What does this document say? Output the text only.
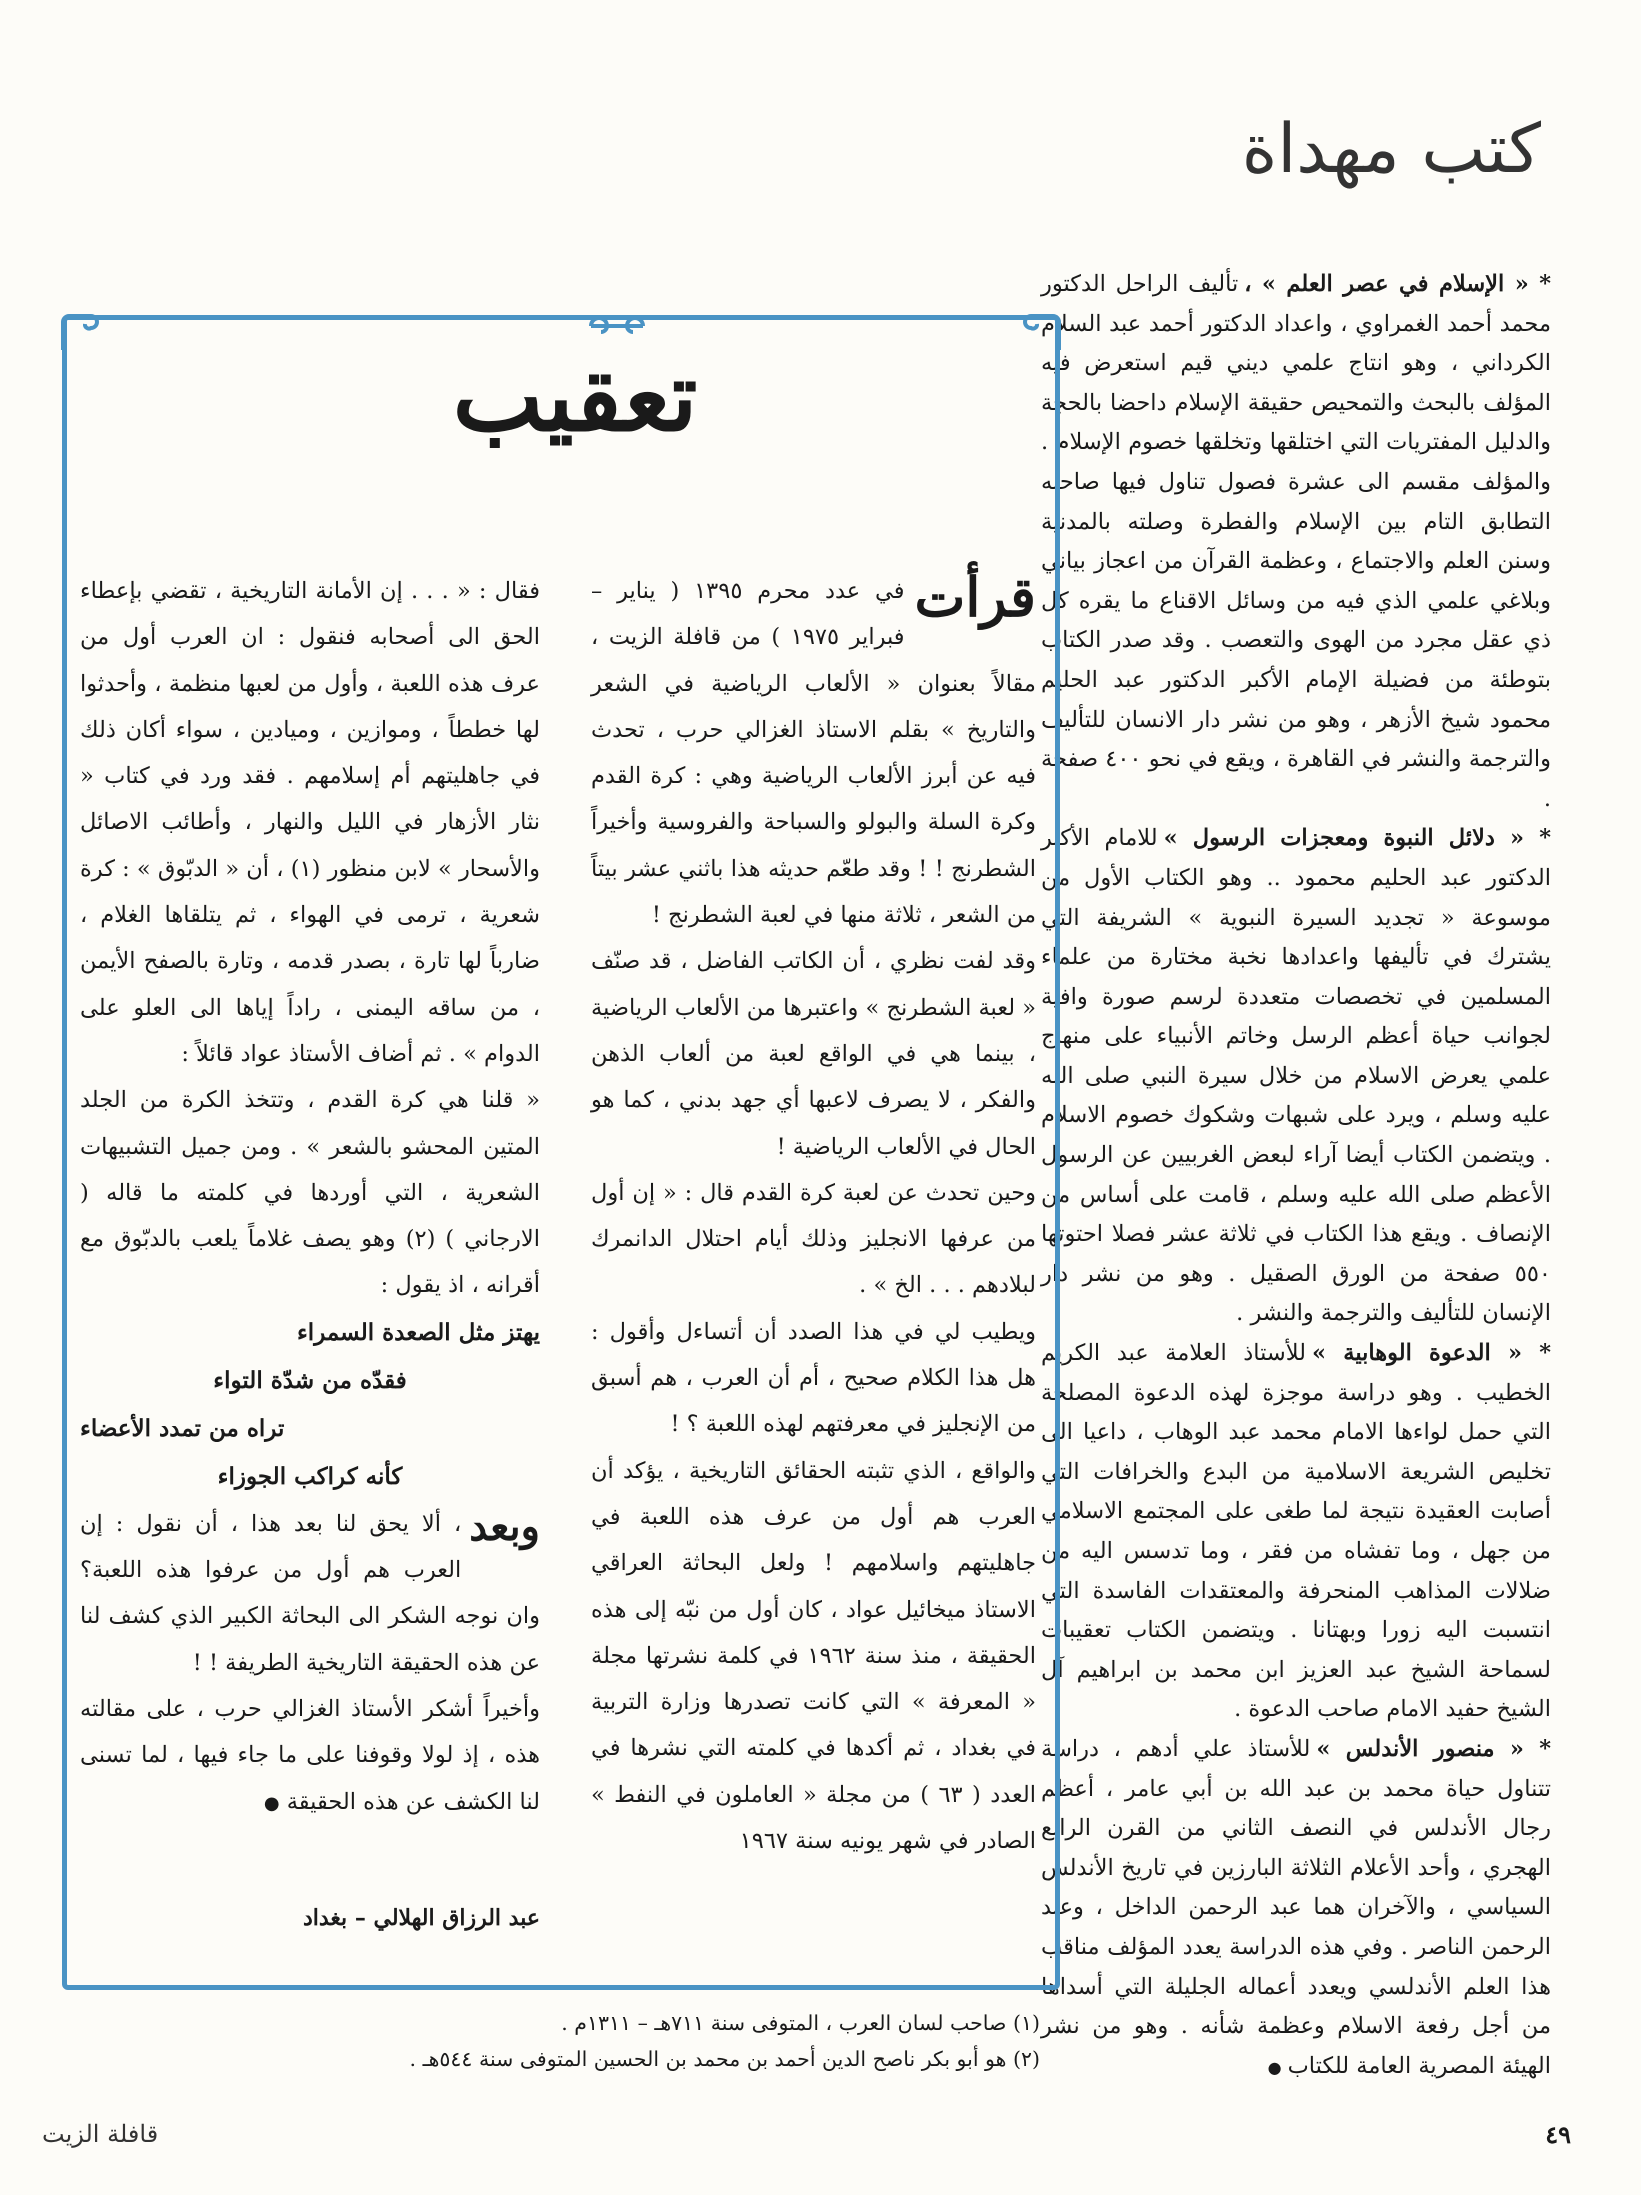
كتب مهداة

* « الإسلام في عصر العلم » ،تأليف الراحل الدكتور محمد أحمد الغمراوي ، واعداد الدكتور أحمد عبد السلام الكرداني ، وهو انتاج علمي ديني قيم استعرض فيه المؤلف بالبحث والتمحيص حقيقة الإسلام داحضا بالحجة والدليل المفتريات التي اختلقها وتخلقها خصوم الإسلام . والمؤلف مقسم الى عشرة فصول تناول فيها صاحبه التطابق التام بين الإسلام والفطرة وصلته بالمدنية وسنن العلم والاجتماع ، وعظمة القرآن من اعجاز بياني وبلاغي علمي الذي فيه من وسائل الاقناع ما يقره كل ذي عقل مجرد من الهوى والتعصب . وقد صدر الكتاب بتوطئة من فضيلة الإمام الأكبر الدكتور عبد الحليم محمود شيخ الأزهر ، وهو من نشر دار الانسان للتأليف والترجمة والنشر في القاهرة ، ويقع في نحو ٤٠٠ صفحة .

* « دلائل النبوة ومعجزات الرسول »للامام الأكبر الدكتور عبد الحليم محمود .. وهو الكتاب الأول من موسوعة « تجديد السيرة النبوية » الشريفة التي يشترك في تأليفها واعدادها نخبة مختارة من علماء المسلمين في تخصصات متعددة لرسم صورة وافية لجوانب حياة أعظم الرسل وخاتم الأنبياء على منهاج علمي يعرض الاسلام من خلال سيرة النبي صلى الله عليه وسلم ، ويرد على شبهات وشكوك خصوم الاسلام . ويتضمن الكتاب أيضا آراء لبعض الغربيين عن الرسول الأعظم صلى الله عليه وسلم ، قامت على أساس من الإنصاف . ويقع هذا الكتاب في ثلاثة عشر فصلا احتوتها ٥٥٠ صفحة من الورق الصقيل . وهو من نشر دار الإنسان للتأليف والترجمة والنشر .

* « الدعوة الوهابية »للأستاذ العلامة عبد الكريم الخطيب . وهو دراسة موجزة لهذه الدعوة المصلحة التي حمل لواءها الامام محمد عبد الوهاب ، داعيا الى تخليص الشريعة الاسلامية من البدع والخرافات التي أصابت العقيدة نتيجة لما طغى على المجتمع الاسلامي من جهل ، وما تفشاه من فقر ، وما تدسس اليه من ضلالات المذاهب المنحرفة والمعتقدات الفاسدة التي انتسبت اليه زورا وبهتانا . ويتضمن الكتاب تعقيبات لسماحة الشيخ عبد العزيز ابن محمد بن ابراهيم آل الشيخ حفيد الامام صاحب الدعوة .

* « منصور الأندلس »للأستاذ علي أدهم ، دراسة تتناول حياة محمد بن عبد الله بن أبي عامر ، أعظم رجال الأندلس في النصف الثاني من القرن الرابع الهجري ، وأحد الأعلام الثلاثة البارزين في تاريخ الأندلس السياسي ، والآخران هما عبد الرحمن الداخل ، وعبد الرحمن الناصر . وفي هذه الدراسة يعدد المؤلف مناقب هذا العلم الأندلسي ويعدد أعماله الجليلة التي أسداها من أجل رفعة الاسلام وعظمة شأنه . وهو من نشر الهيئة المصرية العامة للكتاب●

تعقيب

قرأت
في عدد محرم ١٣٩٥ ( يناير – فبراير ١٩٧٥ ) من قافلة الزيت ، مقالاً بعنوان « الألعاب الرياضية في الشعر والتاريخ » بقلم الاستاذ الغزالي حرب ، تحدث فيه عن أبرز الألعاب الرياضية وهي : كرة القدم وكرة السلة والبولو والسباحة والفروسية وأخيراً الشطرنج ! ! وقد طعّم حديثه هذا باثني عشر بيتاً من الشعر ، ثلاثة منها في لعبة الشطرنج !

وقد لفت نظري ، أن الكاتب الفاضل ، قد صنّف « لعبة الشطرنج » واعتبرها من الألعاب الرياضية ، بينما هي في الواقع لعبة من ألعاب الذهن والفكر ، لا يصرف لاعبها أي جهد بدني ، كما هو الحال في الألعاب الرياضية !

وحين تحدث عن لعبة كرة القدم قال : « إن أول من عرفها الانجليز وذلك أيام احتلال الدانمرك لبلادهم . . . الخ » .

ويطيب لي في هذا الصدد أن أتساءل وأقول : هل هذا الكلام صحيح ، أم أن العرب ، هم أسبق من الإنجليز في معرفتهم لهذه اللعبة ؟ !

والواقع ، الذي تثبته الحقائق التاريخية ، يؤكد أن العرب هم أول من عرف هذه اللعبة في جاهليتهم واسلامهم ! ولعل البحاثة العراقي الاستاذ ميخائيل عواد ، كان أول من نبّه إلى هذه الحقيقة ، منذ سنة ١٩٦٢ في كلمة نشرتها مجلة « المعرفة » التي كانت تصدرها وزارة التربية في بغداد ، ثم أكدها في كلمته التي نشرها في العدد ( ٦٣ ) من مجلة « العاملون في النفط » الصادر في شهر يونيه سنة ١٩٦٧

فقال : « . . . إن الأمانة التاريخية ، تقضي بإعطاء الحق الى أصحابه فنقول : ان العرب أول من عرف هذه اللعبة ، وأول من لعبها منظمة ، وأحدثوا لها خططاً ، وموازين ، وميادين ، سواء أكان ذلك في جاهليتهم أم إسلامهم . فقد ورد في كتاب « نثار الأزهار في الليل والنهار ، وأطائب الاصائل والأسحار » لابن منظور (١) ، أن « الدبّوق » : كرة شعرية ، ترمى في الهواء ، ثم يتلقاها الغلام ، ضارباً لها تارة ، بصدر قدمه ، وتارة بالصفح الأيمن ، من ساقه اليمنى ، راداً إياها الى العلو على الدوام » . ثم أضاف الأستاذ عواد قائلاً :

« قلنا هي كرة القدم ، وتتخذ الكرة من الجلد المتين المحشو بالشعر » . ومن جميل التشبيهات الشعرية ، التي أوردها في كلمته ما قاله ( الارجاني ) (٢) وهو يصف غلاماً يلعب بالدبّوق مع أقرانه ، اذ يقول :

يهتز مثل الصعدة السمراء

فقدّه من شدّة التواء

تراه من تمدد الأعضاء

كأنه كراكب الجوزاء

وبعد
، ألا يحق لنا بعد هذا ، أن نقول : إن العرب هم أول من عرفوا هذه اللعبة؟ وان نوجه الشكر الى البحاثة الكبير الذي كشف لنا عن هذه الحقيقة التاريخية الطريفة ! !

وأخيراً أشكر الأستاذ الغزالي حرب ، على مقالته هذه ، إذ لولا وقوفنا على ما جاء فيها ، لما تسنى لنا الكشف عن هذه الحقيقة ●

عبد الرزاق الهلالي – بغداد

(١) صاحب لسان العرب ، المتوفى سنة ٧١١هـ – ١٣١١م .

(٢) هو أبو بكر ناصح الدين أحمد بن محمد بن الحسين المتوفى سنة ٥٤٤هـ .

٤٩
قافلة الزيت
